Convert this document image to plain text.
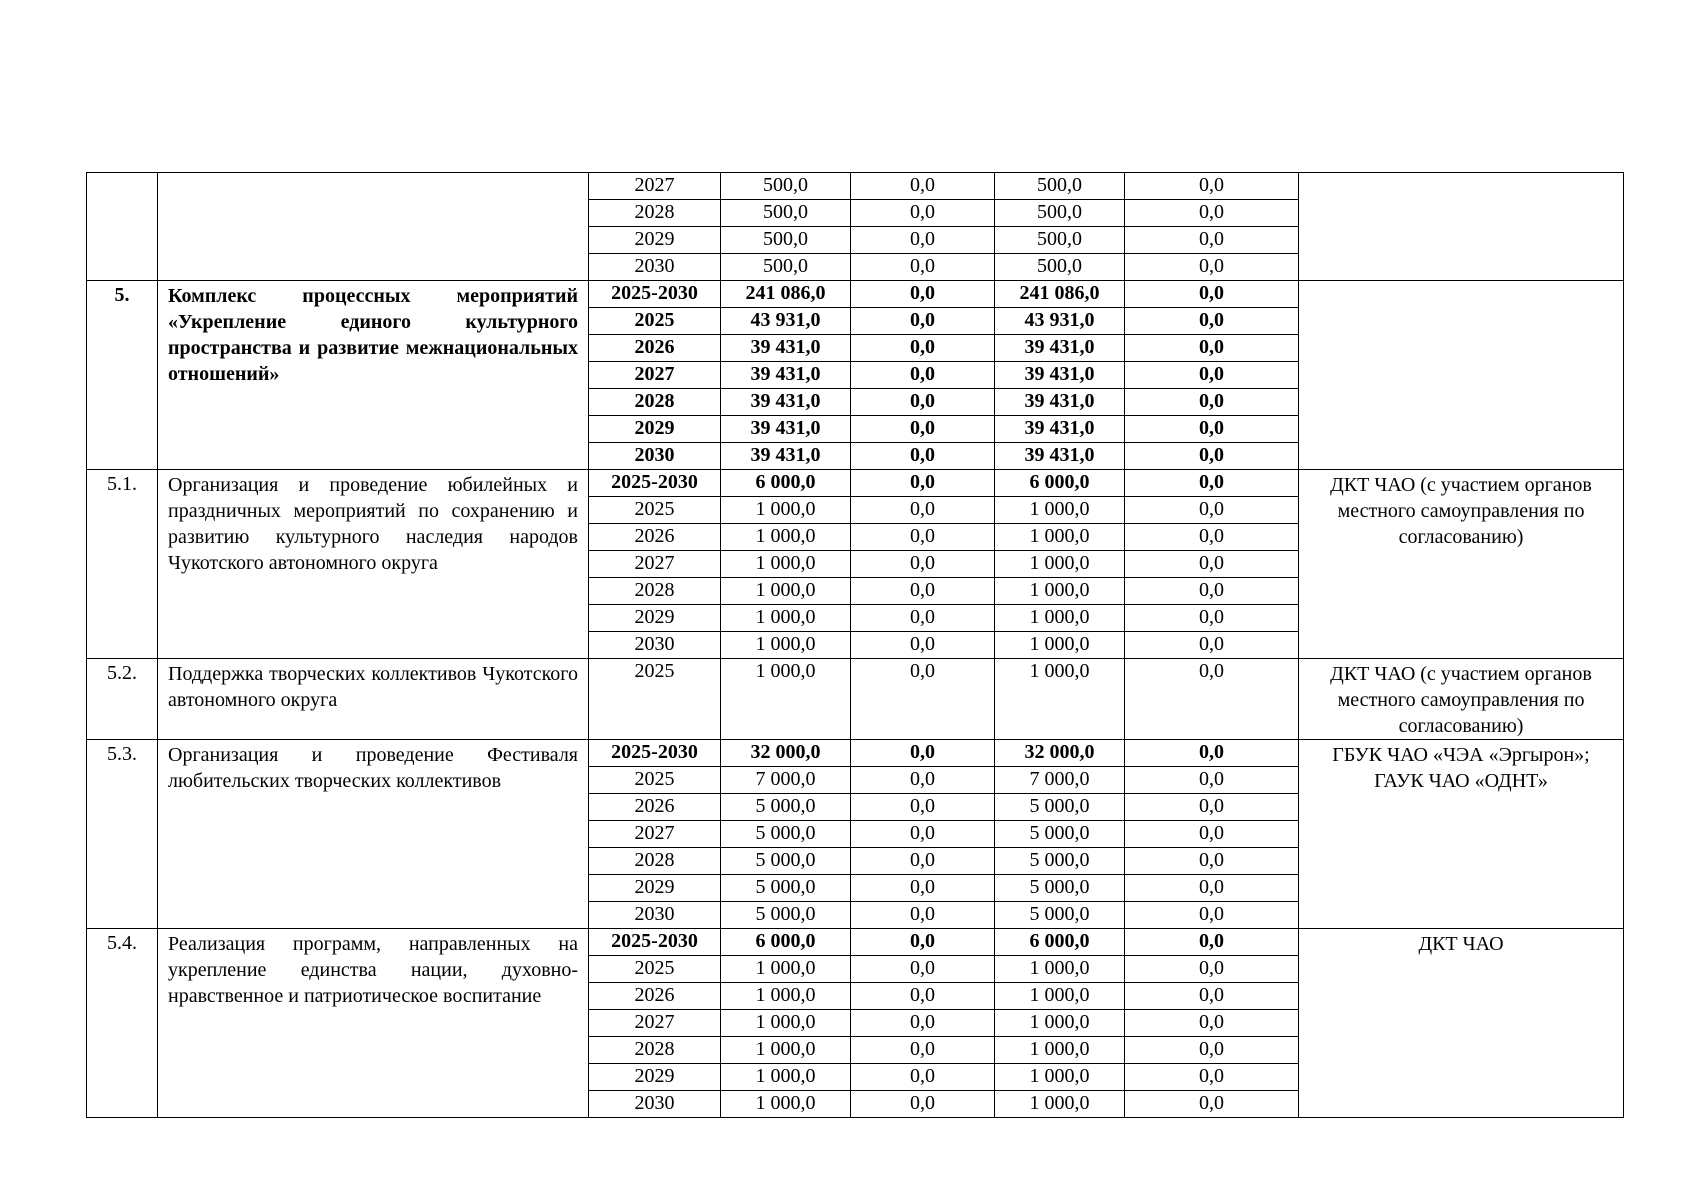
		2027	500,0	0,0	500,0	0,0	
		2028	500,0	0,0	500,0	0,0	
		2029	500,0	0,0	500,0	0,0	
		2030	500,0	0,0	500,0	0,0	
5.	Комплекс процессных мероприятий «Укрепление единого культурного пространства и развитие межнациональных отношений»	2025-2030	241 086,0	0,0	241 086,0	0,0	
		2025	43 931,0	0,0	43 931,0	0,0	
		2026	39 431,0	0,0	39 431,0	0,0	
		2027	39 431,0	0,0	39 431,0	0,0	
		2028	39 431,0	0,0	39 431,0	0,0	
		2029	39 431,0	0,0	39 431,0	0,0	
		2030	39 431,0	0,0	39 431,0	0,0	
5.1.	Организация и проведение юбилейных и праздничных мероприятий по сохранению и развитию культурного наследия народов Чукотского автономного округа	2025-2030	6 000,0	0,0	6 000,0	0,0	ДКТ ЧАО (с участием органов местного самоуправления по согласованию)
		2025	1 000,0	0,0	1 000,0	0,0	
		2026	1 000,0	0,0	1 000,0	0,0	
		2027	1 000,0	0,0	1 000,0	0,0	
		2028	1 000,0	0,0	1 000,0	0,0	
		2029	1 000,0	0,0	1 000,0	0,0	
		2030	1 000,0	0,0	1 000,0	0,0	
5.2.	Поддержка творческих коллективов Чукотского автономного округа	2025	1 000,0	0,0	1 000,0	0,0	ДКТ ЧАО (с участием органов местного самоуправления по согласованию)
5.3.	Организация и проведение Фестиваля любительских творческих коллективов	2025-2030	32 000,0	0,0	32 000,0	0,0	ГБУК ЧАО «ЧЭА «Эргырон»; ГАУК ЧАО «ОДНТ»
		2025	7 000,0	0,0	7 000,0	0,0	
		2026	5 000,0	0,0	5 000,0	0,0	
		2027	5 000,0	0,0	5 000,0	0,0	
		2028	5 000,0	0,0	5 000,0	0,0	
		2029	5 000,0	0,0	5 000,0	0,0	
		2030	5 000,0	0,0	5 000,0	0,0	
5.4.	Реализация программ, направленных на укрепление единства нации, духовно-нравственное и патриотическое воспитание	2025-2030	6 000,0	0,0	6 000,0	0,0	ДКТ ЧАО
		2025	1 000,0	0,0	1 000,0	0,0	
		2026	1 000,0	0,0	1 000,0	0,0	
		2027	1 000,0	0,0	1 000,0	0,0	
		2028	1 000,0	0,0	1 000,0	0,0	
		2029	1 000,0	0,0	1 000,0	0,0	
		2030	1 000,0	0,0	1 000,0	0,0	
